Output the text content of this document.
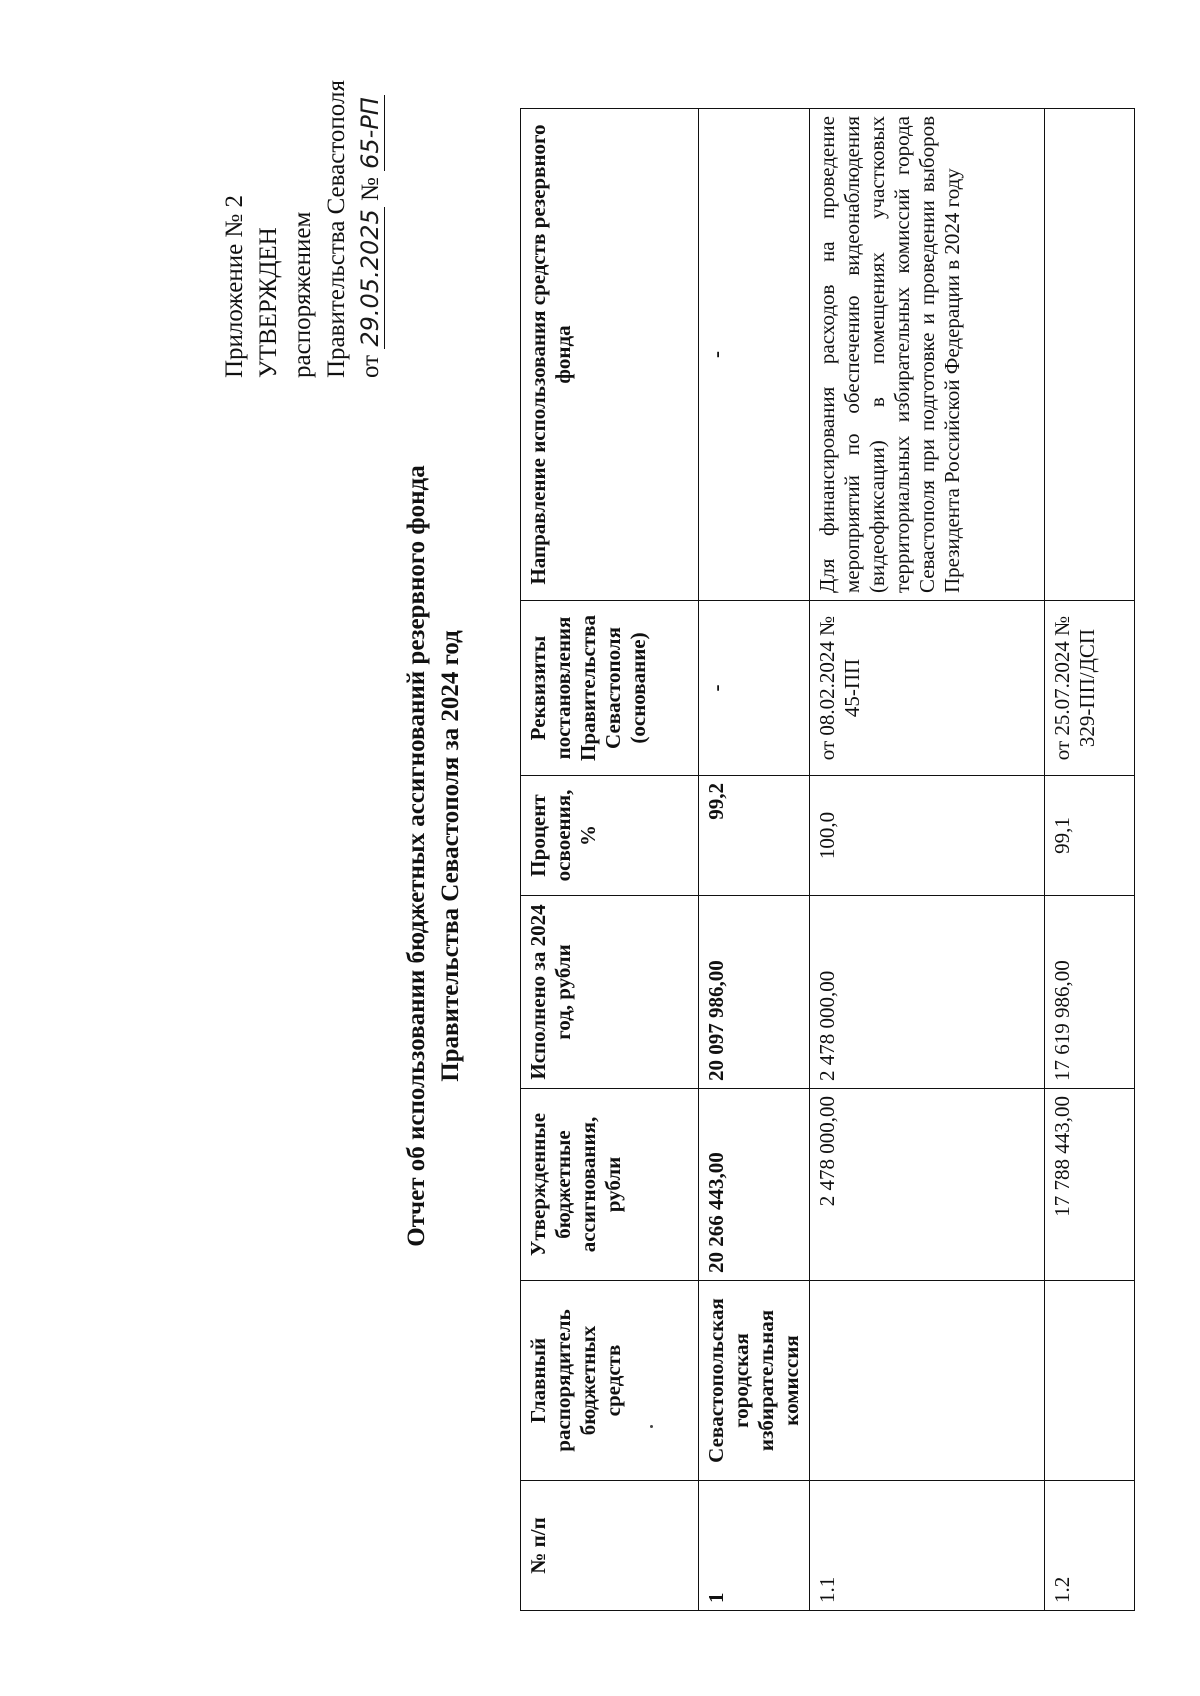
Приложение № 2 УТВЕРЖДЕН распоряжением Правительства Севастополя от 29.05.2025 № 65-РП
Отчет об использовании бюджетных ассигнований резервного фонда Правительства Севастополя за 2024 год
№ п/п	Главный распорядитель бюджетных средств	Утвержденные бюджетные ассигнования, рубли	Исполнено за 2024 год, рубли	Процент освоения, %	Реквизиты постановления Правительства Севастополя (основание)	Направление использования средств резервного фонда
1	Севастопольская городская избирательная комиссия	20 266 443,00	20 097 986,00	99,2	-	-
1.1		2 478 000,00	2 478 000,00	100,0	от 08.02.2024 № 45-ПП	Для финансирования расходов на проведение мероприятий по обеспечению видеонаблюдения (видеофиксации) в помещениях участковых территориальных избирательных комиссий города Севастополя при подготовке и проведении выборов Президента Российской Федерации в 2024 году
1.2		17 788 443,00	17 619 986,00	99,1	от 25.07.2024 № 329-ПП/ДСП	
